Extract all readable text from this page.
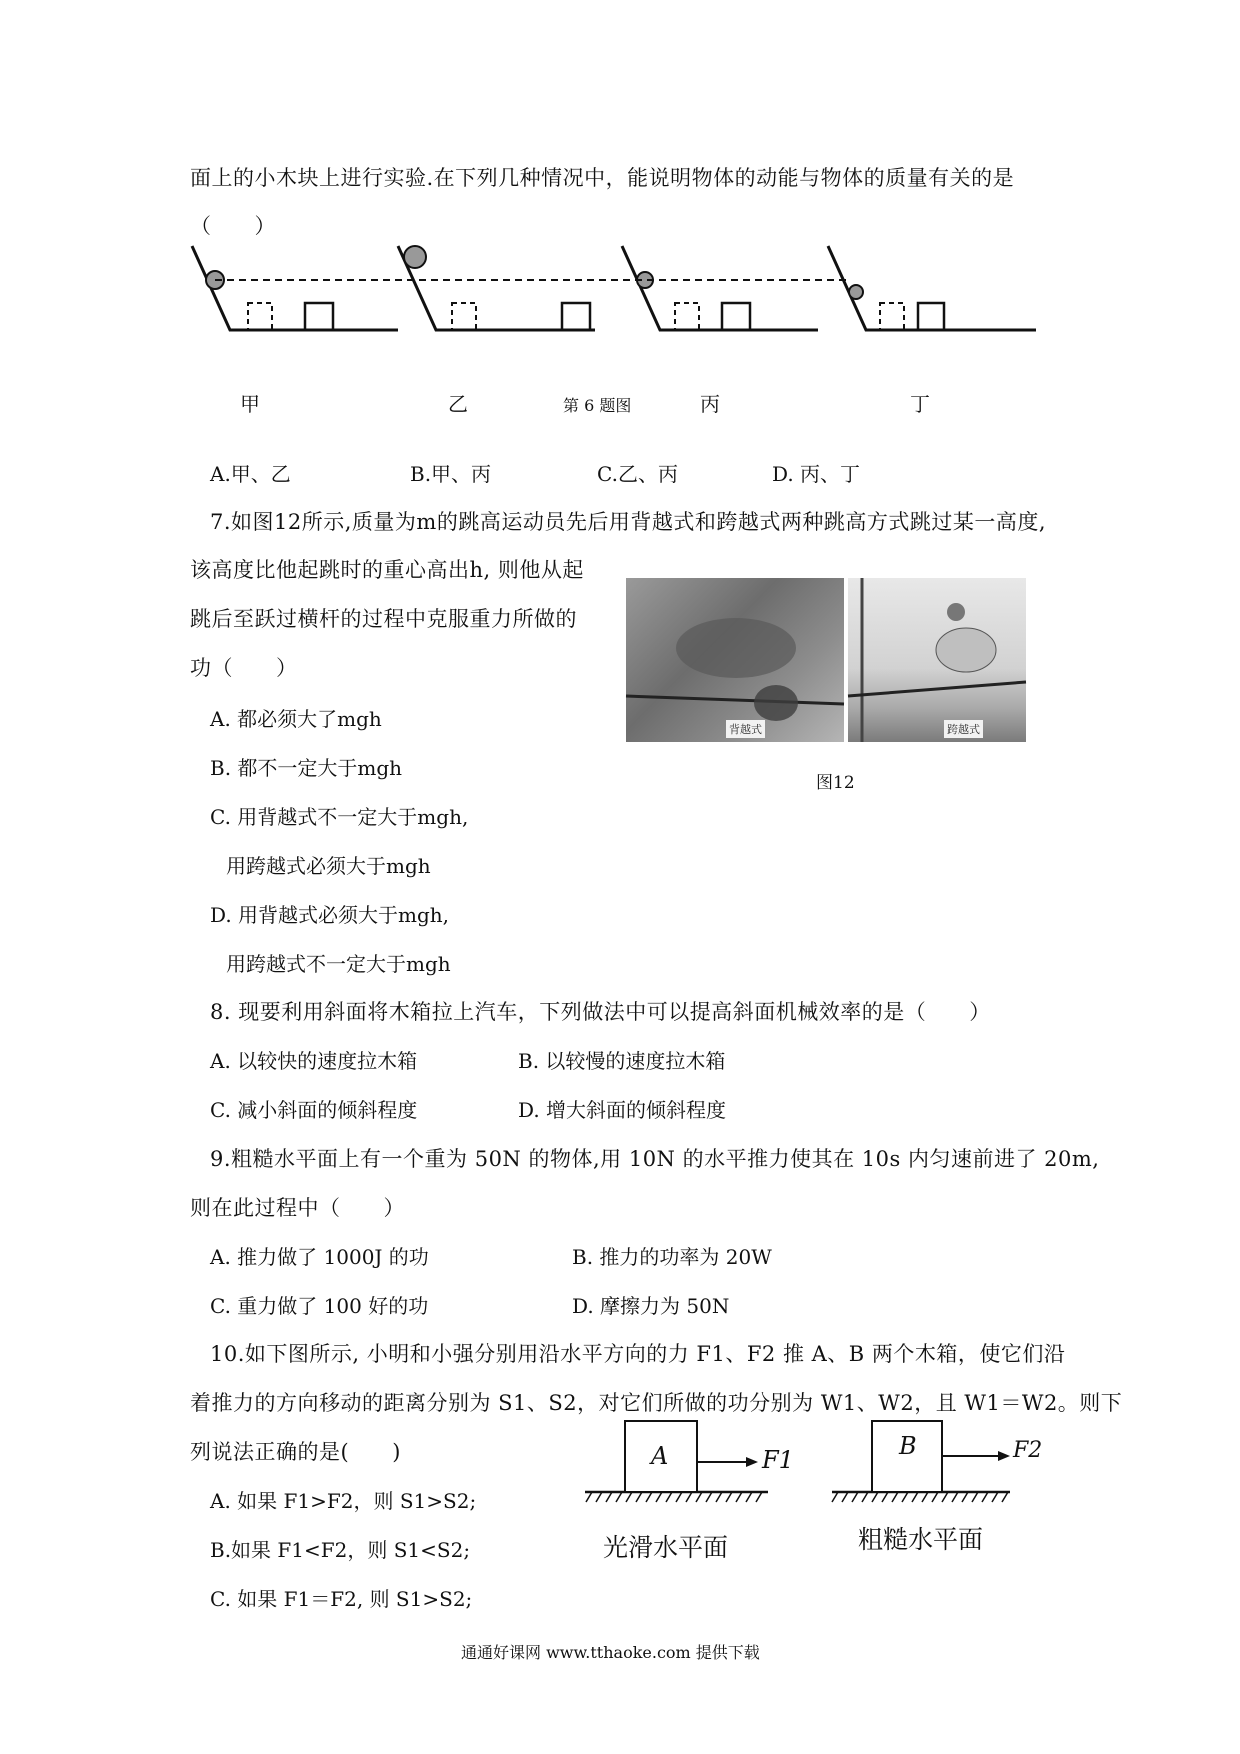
面上的小木块上进行实验.在下列几种情况中，能说明物体的动能与物体的质量有关的是
（　　）
甲	乙	第 6 题图	丙	丁
A.甲、乙	B.甲、丙	C.乙、丙	D. 丙、丁
7.如图12所示,质量为m的跳高运动员先后用背越式和跨越式两种跳高方式跳过某一高度,
该高度比他起跳时的重心高出h, 则他从起
跳后至跃过横杆的过程中克服重力所做的
功（　　）
背越式	跨越式
图12
A. 都必须大了mgh
B. 都不一定大于mgh
C. 用背越式不一定大于mgh,
用跨越式必须大于mgh
D. 用背越式必须大于mgh,
用跨越式不一定大于mgh
8. 现要利用斜面将木箱拉上汽车，下列做法中可以提高斜面机械效率的是（　　）
A. 以较快的速度拉木箱	B. 以较慢的速度拉木箱
C. 减小斜面的倾斜程度	D. 增大斜面的倾斜程度
9.粗糙水平面上有一个重为 50N 的物体,用 10N 的水平推力使其在 10s 内匀速前进了 20m,
则在此过程中（　　）
A. 推力做了 1000J 的功	B. 推力的功率为 20W
C. 重力做了 100 好的功	D. 摩擦力为 50N
10.如下图所示, 小明和小强分别用沿水平方向的力 F1、F2 推 A、B 两个木箱，使它们沿
着推力的方向移动的距离分别为 S1、S2，对它们所做的功分别为 W1、W2，且 W1＝W2。则下
列说法正确的是(　　)
A. 如果 F1>F2，则 S1>S2;
B.如果 F1<F2，则 S1<S2;
C. 如果 F1＝F2, 则 S1>S2;
A	B
F1	F2
光滑水平面	粗糙水平面
通通好课网 www.tthaoke.com 提供下载
